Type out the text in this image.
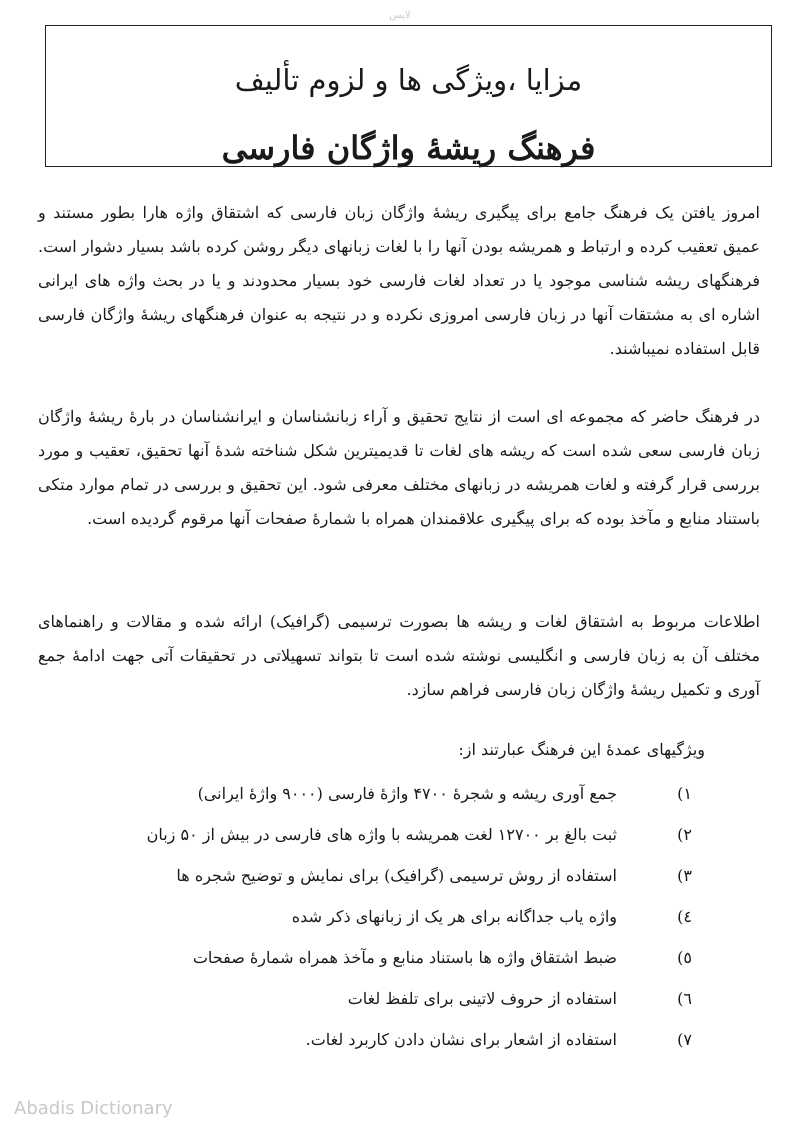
لاپس
مزایا ،ویژگی ها و لزوم تألیف
فرهنگ ریشهٔ واژگان فارسی

امروز یافتن یک فرهنگ جامع برای پیگیری ریشهٔ واژگان زبان فارسی که اشتقاق واژه هارا بطور مستند و عمیق تعقیب کرده و ارتباط و همریشه بودن آنها را با لغات زبانهای دیگر روشن کرده باشد بسیار دشوار است. فرهنگهای ریشه شناسی موجود یا در تعداد لغات فارسی خود بسیار محدودند و یا در بحث واژه های ایرانی اشاره ای به مشتقات آنها در زبان فارسی امروزی نکرده و در نتیجه به عنوان فرهنگهای ریشهٔ واژگان فارسی قابل استفاده نمیباشند.

در فرهنگ حاضر که مجموعه ای است از نتایج تحقیق و آراء زبانشناسان و ایرانشناسان در بارهٔ ریشهٔ واژگان زبان فارسی سعی شده است که ریشه های لغات تا قدیمیترین شکل شناخته شدهٔ آنها تحقیق، تعقیب و مورد بررسی قرار گرفته و لغات همریشه در زبانهای مختلف معرفی شود. این تحقیق و بررسی در تمام موارد متکی باستناد منابع و مآخذ بوده که برای پیگیری علاقمندان همراه با شمارهٔ صفحات آنها مرقوم گردیده است.

اطلاعات مربوط به اشتقاق لغات و ریشه ها بصورت ترسیمی (گرافیک) ارائه شده و مقالات و راهنماهای مختلف آن به زبان فارسی و انگلیسی نوشته شده است تا بتواند تسهیلاتی در تحقیقات آتی جهت ادامهٔ جمع آوری و تکمیل ریشهٔ واژگان زبان فارسی فراهم سازد.

ویژگیهای عمدهٔ این فرهنگ عبارتند از:

۱)
جمع آوری ریشه و شجرهٔ ۴۷۰۰ واژهٔ فارسی (۹۰۰۰ واژهٔ ایرانی)
۲)
ثبت بالغ بر ۱۲۷۰۰ لغت همریشه با واژه های فارسی در بیش از ۵۰ زبان
۳)
استفاده از روش ترسیمی (گرافیک) برای نمایش و توضیح شجره ها
٤)
واژه یاب جداگانه برای هر یک از زبانهای ذکر شده
٥)
ضبط اشتقاق واژه ها باستناد منابع و مآخذ همراه شمارهٔ صفحات
٦)
استفاده از حروف لاتینی برای تلفظ لغات
۷)
استفاده از اشعار برای نشان دادن کاربرد لغات.
Abadis Dictionary
